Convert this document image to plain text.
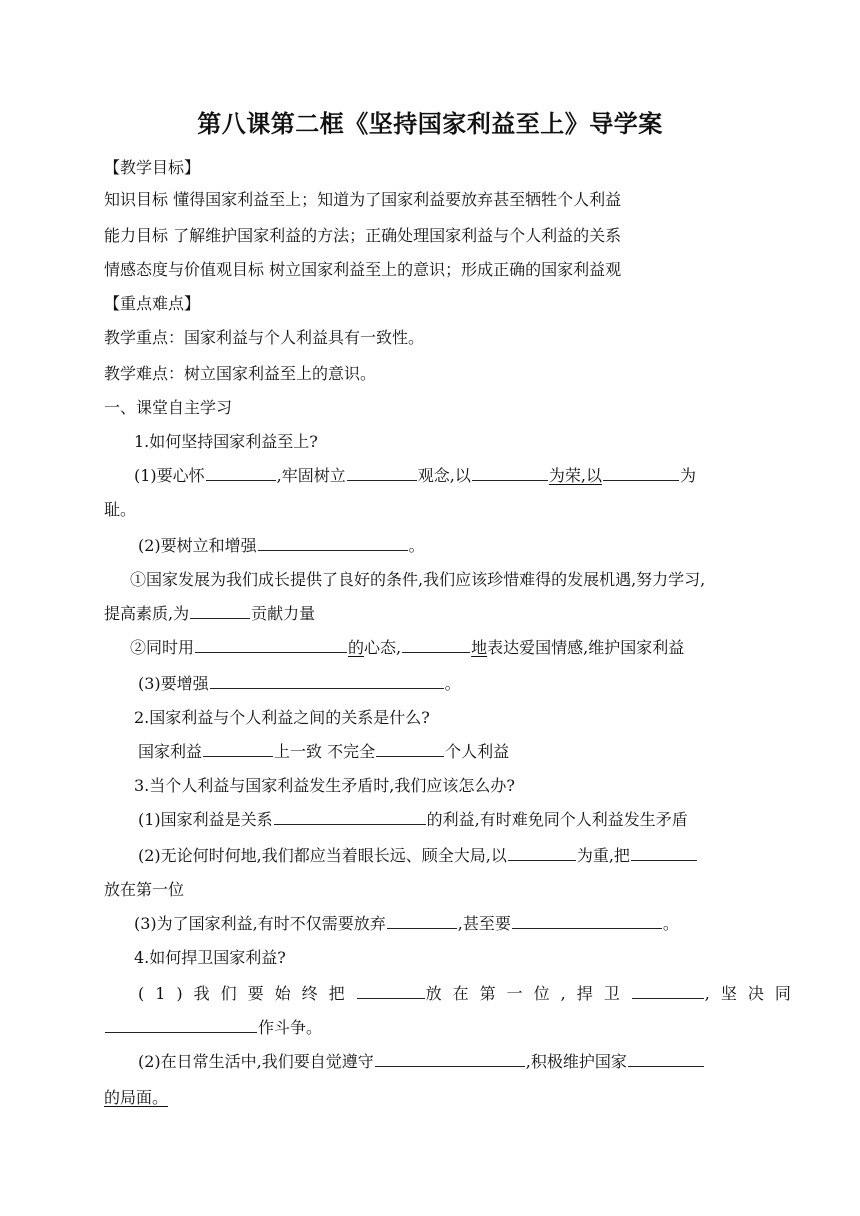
第八课第二框《坚持国家利益至上》导学案
【教学目标】
知识目标 懂得国家利益至上；知道为了国家利益要放弃甚至牺牲个人利益
能力目标 了解维护国家利益的方法；正确处理国家利益与个人利益的关系
情感态度与价值观目标 树立国家利益至上的意识；形成正确的国家利益观
【重点难点】
教学重点：国家利益与个人利益具有一致性。
教学难点：树立国家利益至上的意识。
一、课堂自主学习
1.如何坚持国家利益至上?
(1)要心怀	,牢固树立	观念,以	为荣,以	为
耻。
(2)要树立和增强	。
①国家发展为我们成长提供了良好的条件,我们应该珍惜难得的发展机遇,努力学习,
提高素质,为	贡献力量
②同时用	的心态,	地表达爱国情感,维护国家利益
(3)要增强	。
2.国家利益与个人利益之间的关系是什么?
国家利益	上一致 不完全	个人利益
3.当个人利益与国家利益发生矛盾时,我们应该怎么办?
(1)国家利益是关系	的利益,有时难免同个人利益发生矛盾
(2)无论何时何地,我们都应当着眼长远、顾全大局,以	为重,把
放在第一位
(3)为了国家利益,有时不仅需要放弃	,甚至要	。
4.如何捍卫国家利益?
(1)我们要始终把	放在第一位,捍卫	,坚决同
作斗争。
(2)在日常生活中,我们要自觉遵守	,积极维护国家
的局面。
